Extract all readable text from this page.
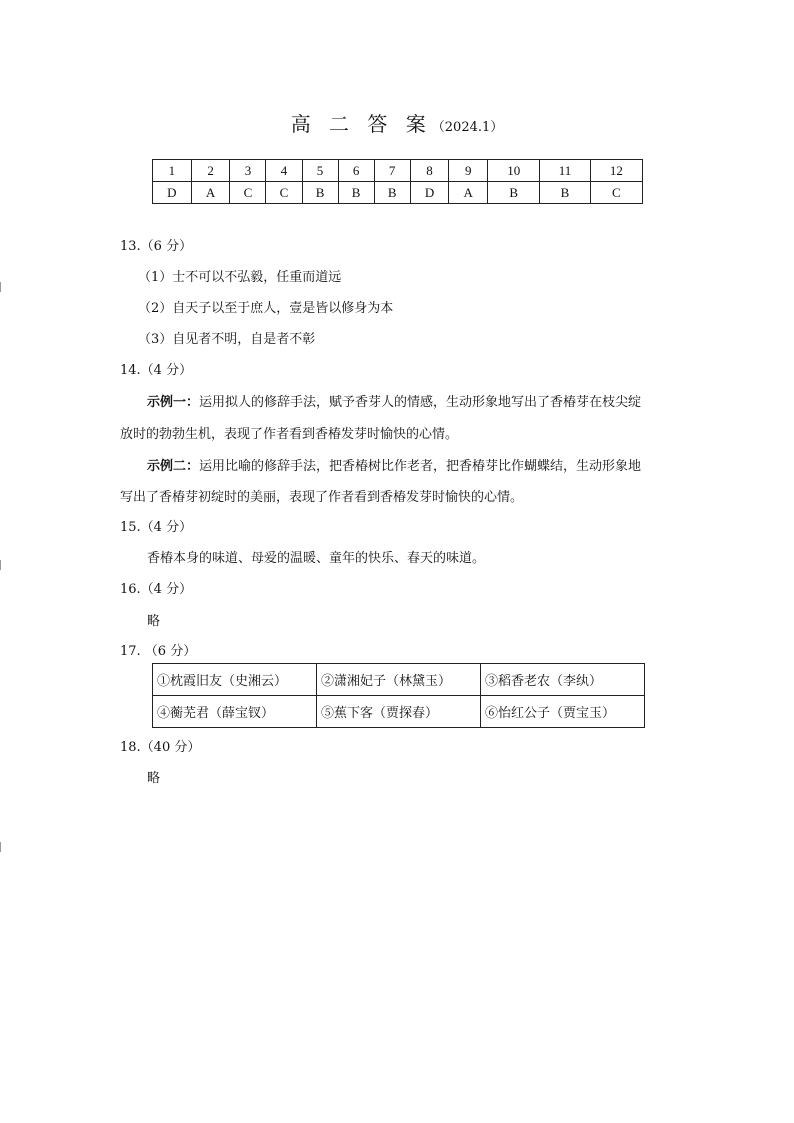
高 二 答 案（2024.1）
1	2	3	4	5	6	7	8	9	10	11	12
D	A	C	C	B	B	B	D	A	B	B	C
13.（6 分）
（1）士不可以不弘毅，任重而道远
（2）自天子以至于庶人，壹是皆以修身为本
（3）自见者不明，自是者不彰
14.（4 分）
示例一：运用拟人的修辞手法，赋予香芽人的情感，生动形象地写出了香椿芽在枝尖绽
放时的勃勃生机，表现了作者看到香椿发芽时愉快的心情。
示例二：运用比喻的修辞手法，把香椿树比作老者，把香椿芽比作蝴蝶结，生动形象地
写出了香椿芽初绽时的美丽，表现了作者看到香椿发芽时愉快的心情。
15.（4 分）
香椿本身的味道、母爱的温暖、童年的快乐、春天的味道。
16.（4 分）
略
17. （6 分）
①枕霞旧友（史湘云）	②潇湘妃子（林黛玉）	③稻香老农（李纨）
④蘅芜君（薛宝钗）	⑤蕉下客（贾探春）	⑥怡红公子（贾宝玉）
18.（40 分）
略
